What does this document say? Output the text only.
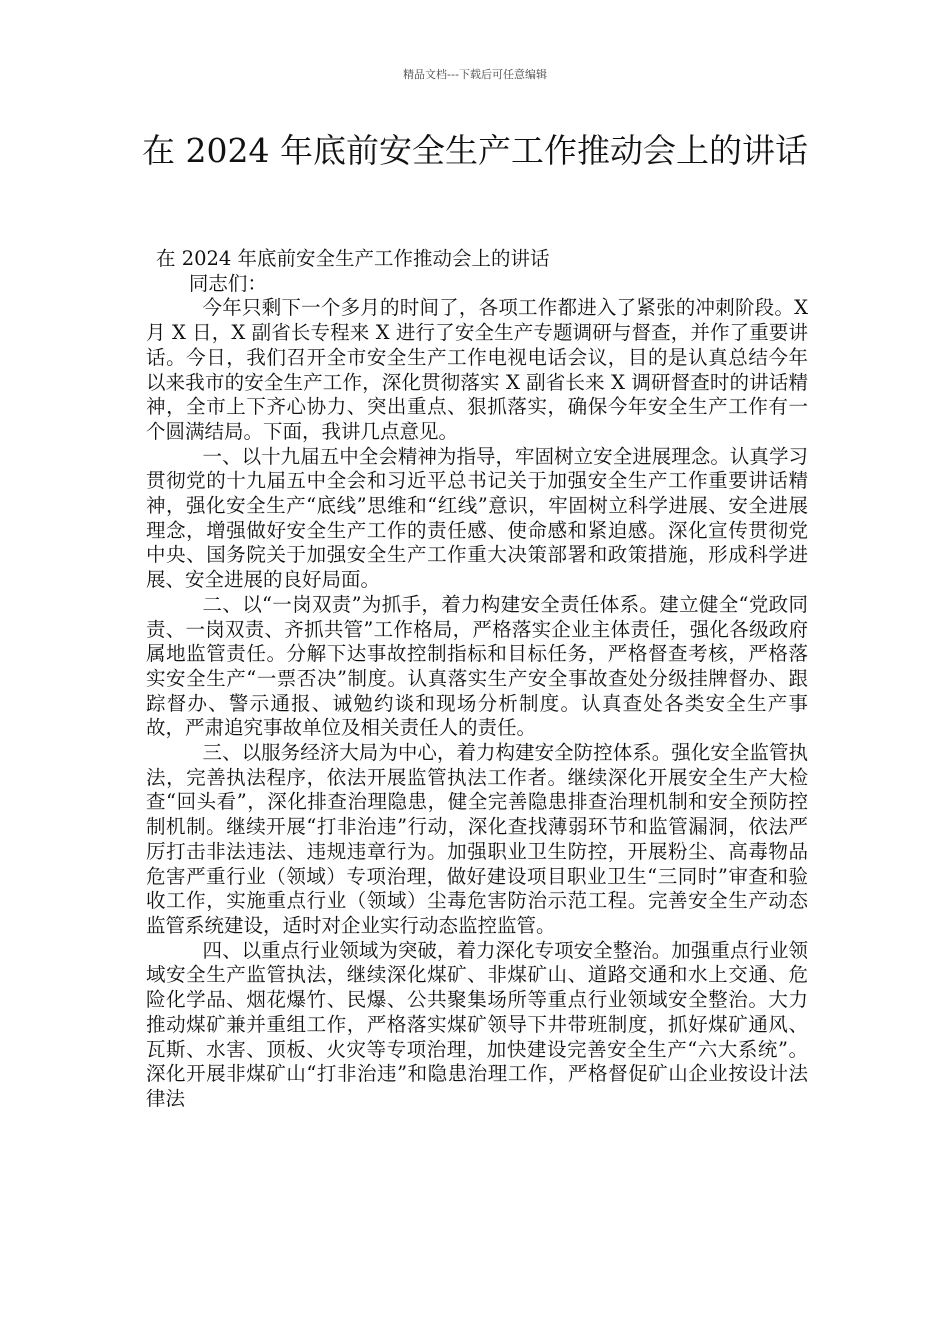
精品文档---下载后可任意编辑
在 2024 年底前安全生产工作推动会上的讲话

在 2024 年底前安全生产工作推动会上的讲话

同志们：

今年只剩下一个多月的时间了，各项工作都进入了紧张的冲刺阶段。X 月 X 日，X 副省长专程来 X 进行了安全生产专题调研与督查，并作了重要讲话。今日，我们召开全市安全生产工作电视电话会议，目的是认真总结今年以来我市的安全生产工作，深化贯彻落实 X 副省长来 X 调研督查时的讲话精神，全市上下齐心协力、突出重点、狠抓落实，确保今年安全生产工作有一个圆满结局。下面，我讲几点意见。

一、以十九届五中全会精神为指导，牢固树立安全进展理念。认真学习贯彻党的十九届五中全会和习近平总书记关于加强安全生产工作重要讲话精神，强化安全生产“底线”思维和“红线”意识，牢固树立科学进展、安全进展理念，增强做好安全生产工作的责任感、使命感和紧迫感。深化宣传贯彻党中央、国务院关于加强安全生产工作重大决策部署和政策措施，形成科学进展、安全进展的良好局面。

二、以“一岗双责”为抓手，着力构建安全责任体系。建立健全“党政同责、一岗双责、齐抓共管”工作格局，严格落实企业主体责任，强化各级政府属地监管责任。分解下达事故控制指标和目标任务，严格督查考核，严格落实安全生产“一票否决”制度。认真落实生产安全事故查处分级挂牌督办、跟踪督办、警示通报、诫勉约谈和现场分析制度。认真查处各类安全生产事故，严肃追究事故单位及相关责任人的责任。

三、以服务经济大局为中心，着力构建安全防控体系。强化安全监管执法，完善执法程序，依法开展监管执法工作者。继续深化开展安全生产大检查“回头看”，深化排查治理隐患，健全完善隐患排查治理机制和安全预防控制机制。继续开展“打非治违”行动，深化查找薄弱环节和监管漏洞，依法严厉打击非法违法、违规违章行为。加强职业卫生防控，开展粉尘、高毒物品危害严重行业（领域）专项治理，做好建设项目职业卫生“三同时”审查和验收工作，实施重点行业（领域）尘毒危害防治示范工程。完善安全生产动态监管系统建设，适时对企业实行动态监控监管。

四、以重点行业领域为突破，着力深化专项安全整治。加强重点行业领域安全生产监管执法，继续深化煤矿、非煤矿山、道路交通和水上交通、危险化学品、烟花爆竹、民爆、公共聚集场所等重点行业领域安全整治。大力推动煤矿兼并重组工作，严格落实煤矿领导下井带班制度，抓好煤矿通风、瓦斯、水害、顶板、火灾等专项治理，加快建设完善安全生产“六大系统”。深化开展非煤矿山“打非治违”和隐患治理工作，严格督促矿山企业按设计法律法
